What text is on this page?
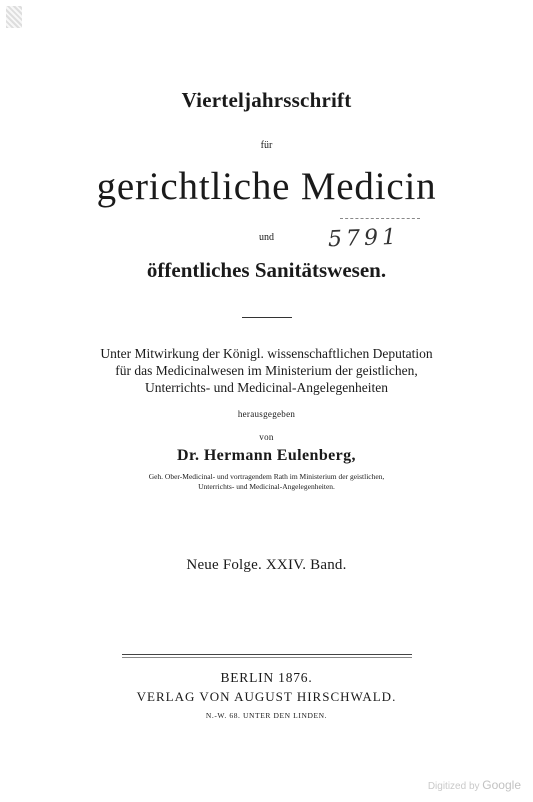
Vierteljahrsschrift
für
gerichtliche Medicin
und	5791
öffentliches Sanitätswesen.
Unter Mitwirkung der Königl. wissenschaftlichen Deputation
für das Medicinalwesen im Ministerium der geistlichen,
Unterrichts- und Medicinal-Angelegenheiten
herausgegeben
von
Dr. Hermann Eulenberg,
Geh. Ober-Medicinal- und vortragendem Rath im Ministerium der geistlichen,
Unterrichts- und Medicinal-Angelegenheiten.
Neue Folge. XXIV. Band.
BERLIN 1876.
VERLAG VON AUGUST HIRSCHWALD.
N.-W. 68. UNTER DEN LINDEN.
Digitized by Google
